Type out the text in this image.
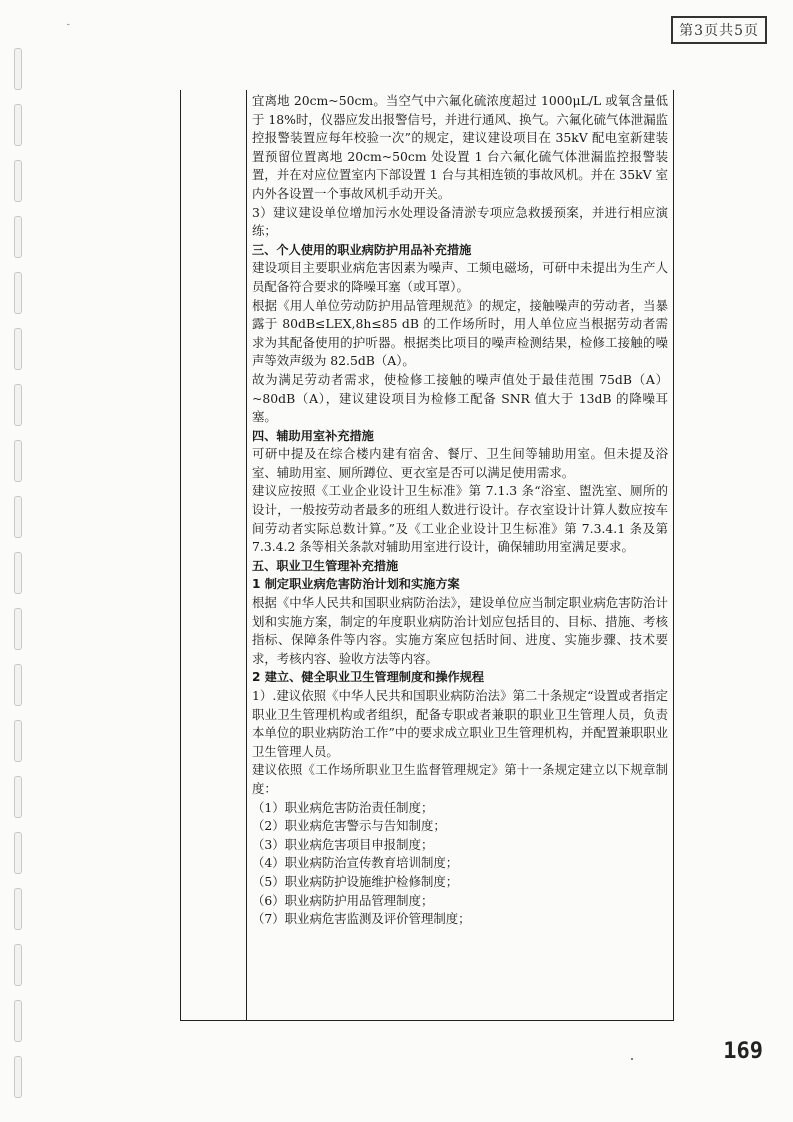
˘	第3页共5页

宜离地 20cm~50cm。当空气中六氟化硫浓度超过 1000μL/L 或氧含量低于 18%时，仪器应发出报警信号，并进行通风、换气。六氟化硫气体泄漏监控报警装置应每年校验一次”的规定，建议建设项目在 35kV 配电室新建装置预留位置离地 20cm~50cm 处设置 1 台六氟化硫气体泄漏监控报警装置，并在对应位置室内下部设置 1 台与其相连锁的事故风机。并在 35kV 室内外各设置一个事故风机手动开关。

3）建议建设单位增加污水处理设备清淤专项应急救援预案，并进行相应演练；

三、个人使用的职业病防护用品补充措施

建设项目主要职业病危害因素为噪声、工频电磁场，可研中未提出为生产人员配备符合要求的降噪耳塞（或耳罩）。

根据《用人单位劳动防护用品管理规范》的规定，接触噪声的劳动者，当暴露于 80dB≤LEX,8h≤85 dB 的工作场所时，用人单位应当根据劳动者需求为其配备使用的护听器。根据类比项目的噪声检测结果，检修工接触的噪声等效声级为 82.5dB（A）。

故为满足劳动者需求，使检修工接触的噪声值处于最佳范围 75dB（A）~80dB（A），建议建设项目为检修工配备 SNR 值大于 13dB 的降噪耳塞。

四、辅助用室补充措施

可研中提及在综合楼内建有宿舍、餐厅、卫生间等辅助用室。但未提及浴室、辅助用室、厕所蹲位、更衣室是否可以满足使用需求。

建议应按照《工业企业设计卫生标准》第 7.1.3 条“浴室、盥洗室、厕所的设计，一般按劳动者最多的班组人数进行设计。存衣室设计计算人数应按车间劳动者实际总数计算。”及《工业企业设计卫生标准》第 7.3.4.1 条及第 7.3.4.2 条等相关条款对辅助用室进行设计，确保辅助用室满足要求。

五、职业卫生管理补充措施

1 制定职业病危害防治计划和实施方案

根据《中华人民共和国职业病防治法》，建设单位应当制定职业病危害防治计划和实施方案，制定的年度职业病防治计划应包括目的、目标、措施、考核指标、保障条件等内容。实施方案应包括时间、进度、实施步骤、技术要求，考核内容、验收方法等内容。

2 建立、健全职业卫生管理制度和操作规程

1）.建议依照《中华人民共和国职业病防治法》第二十条规定“设置或者指定职业卫生管理机构或者组织，配备专职或者兼职的职业卫生管理人员，负责本单位的职业病防治工作”中的要求成立职业卫生管理机构，并配置兼职职业卫生管理人员。

建议依照《工作场所职业卫生监督管理规定》第十一条规定建立以下规章制度：

（1）职业病危害防治责任制度；

（2）职业病危害警示与告知制度；

（3）职业病危害项目申报制度；

（4）职业病防治宣传教育培训制度；

（5）职业病防护设施维护检修制度；

（6）职业病防护用品管理制度；

（7）职业病危害监测及评价管理制度；

169
